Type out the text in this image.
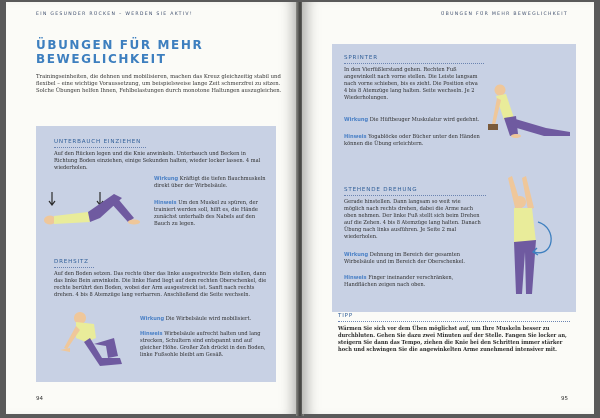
EIN GESUNDER RÜCKEN – WERDEN SIE AKTIV!
ÜBUNGEN FÜR MEHR BEWEGLICHKEIT
Trainingseinheiten, die dehnen und mobilisieren, machen das Kreuz gleichzeitig stabil und flexibel – eine wichtige Voraussetzung, um beispielsweise lange Zeit schmerzfrei zu sitzen. Solche Übungen helfen Ihnen, Fehlbelastungen durch monotone Haltungen auszugleichen.
UNTERBAUCH EINZIEHEN
Auf den Rücken legen und die Knie anwinkeln. Unterbauch und Becken in Richtung Boden einziehen, einige Sekunden halten, wieder locker lassen. 4 mal wiederholen.
Wirkung Kräftigt die tiefen Bauchmuskeln direkt über der Wirbelsäule.
Hinweis Um den Muskel zu spüren, der trainiert werden soll, hilft es, die Hände zunächst unterhalb des Nabels auf den Bauch zu legen.
DREHSITZ
Auf den Boden setzen. Das rechte über das linke ausgestreckte Bein stellen, dann das linke Bein anwinkeln. Die linke Hand liegt auf dem rechten Oberschenkel, die rechte berührt den Boden, wobei der Arm ausgestreckt ist. Sanft nach rechts drehen. 4 bis 8 Atemzüge lang verharren. Anschließend die Seite wechseln.
Wirkung Die Wirbelsäule wird mobilisiert.
Hinweis Wirbelsäule aufrecht halten und lang strecken, Schultern sind entspannt und auf gleicher Höhe. Großer Zeh drückt in den Boden, linke Fußsohle bleibt am Gesäß.
94
ÜBUNGEN FÜR MEHR BEWEGLICHKEIT
SPRINTER
In den Vierfüßlerstand gehen. Rechten Fuß angewinkelt nach vorne stellen. Die Leiste langsam nach vorne schieben, bis es zieht. Die Position etwa 4 bis 8 Atemzüge lang halten. Seite wechseln. Je 2 Wiederholungen.
Wirkung Die Hüftbeuger Muskulatur wird gedehnt.
Hinweis Yogablöcke oder Bücher unter den Händen können die Übung erleichtern.
STEHENDE DREHUNG
Gerade hinstellen. Dann langsam so weit wie möglich nach rechts drehen, dabei die Arme nach oben nehmen. Der linke Fuß stellt sich beim Drehen auf die Zehen. 4 bis 8 Atemzüge lang halten. Danach Übung nach links ausführen. Je Seite 2 mal wiederholen.
Wirkung Dehnung im Bereich der gesamten Wirbelsäule und im Bereich der Oberschenkel.
Hinweis Finger ineinander verschränken, Handflächen zeigen nach oben.
TIPP
Wärmen Sie sich vor dem Üben möglichst auf, um Ihre Muskeln besser zu durchbluten. Gehen Sie dazu zwei Minuten auf der Stelle. Fangen Sie locker an, steigern Sie dann das Tempo, ziehen die Knie bei den Schritten immer stärker hoch und schwingen Sie die angewinkelten Arme zunehmend intensiver mit.
95
